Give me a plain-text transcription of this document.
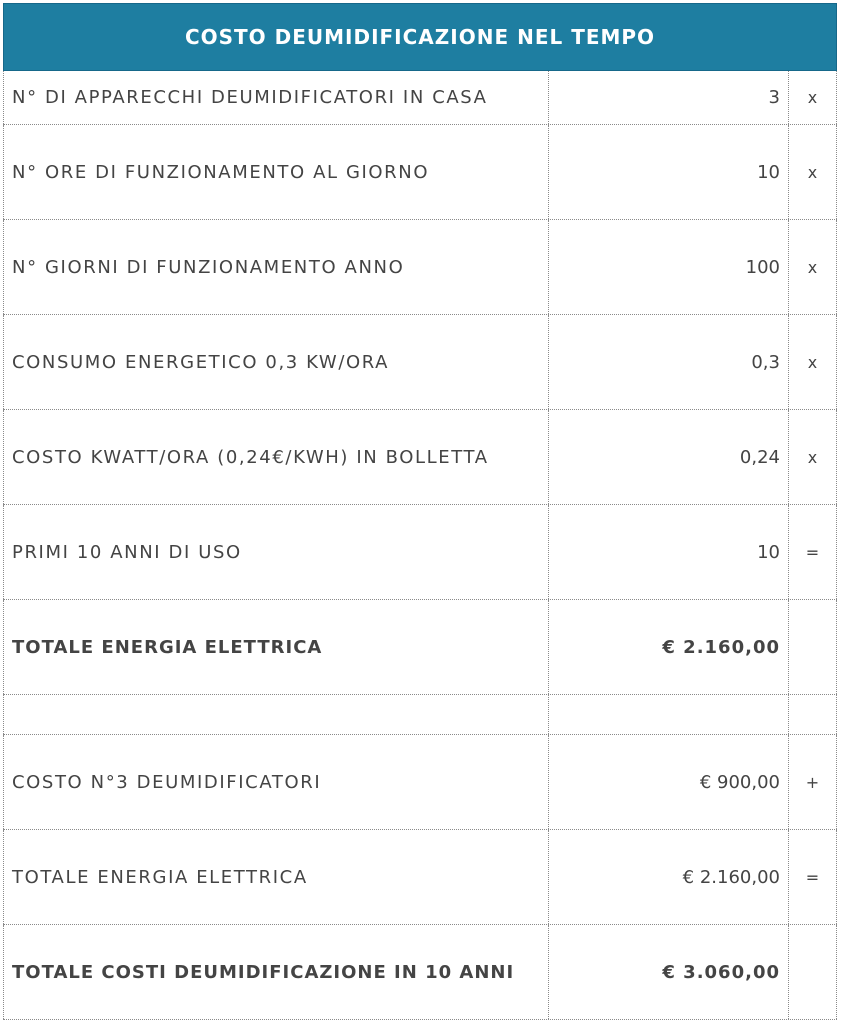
COSTO DEUMIDIFICAZIONE NEL TEMPO
N° DI APPARECCHI DEUMIDIFICATORI IN CASA	3	x
N° ORE DI FUNZIONAMENTO AL GIORNO	10	x
N° GIORNI DI FUNZIONAMENTO ANNO	100	x
CONSUMO ENERGETICO 0,3 KW/ORA	0,3	x
COSTO KWATT/ORA (0,24€/KWH) IN BOLLETTA	0,24	x
PRIMI 10 ANNI DI USO	10	=
TOTALE ENERGIA ELETTRICA	€ 2.160,00
COSTO N°3 DEUMIDIFICATORI	€ 900,00	+
TOTALE ENERGIA ELETTRICA	€ 2.160,00	=
TOTALE COSTI DEUMIDIFICAZIONE IN 10 ANNI	€ 3.060,00
